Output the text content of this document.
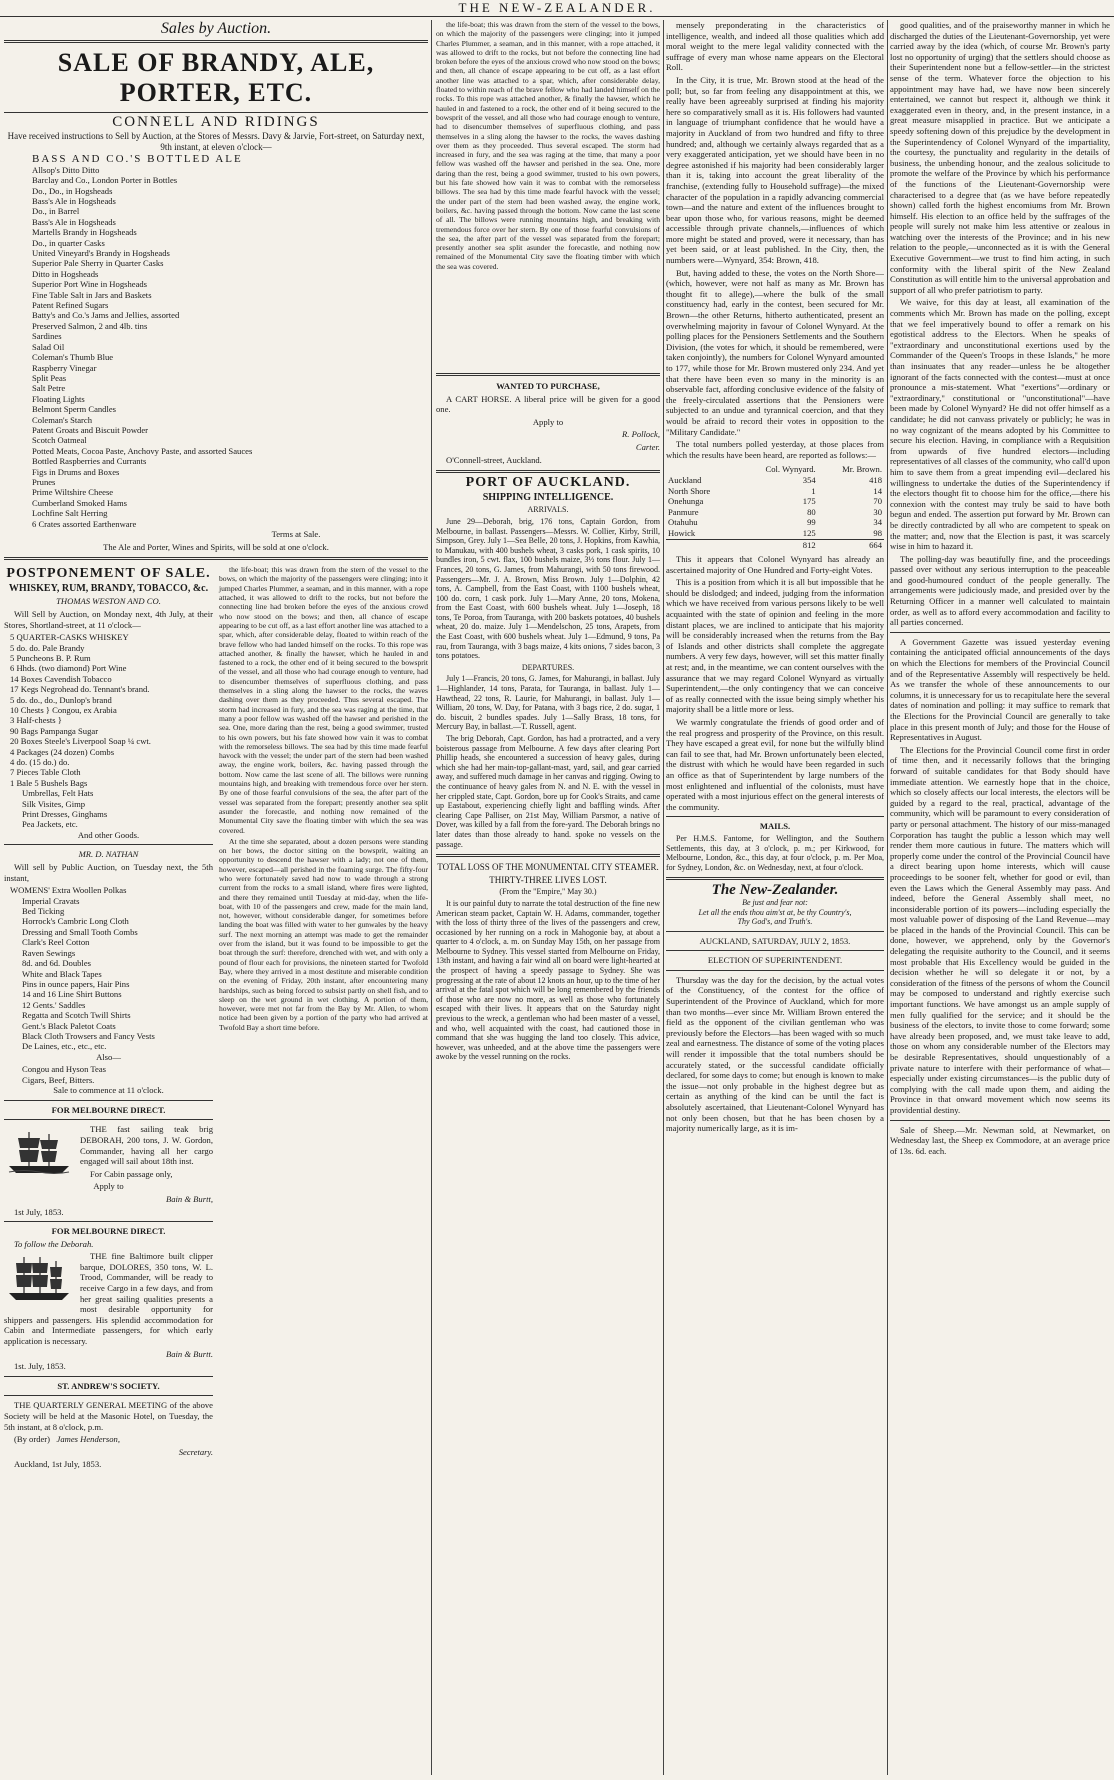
THE NEW-ZEALANDER.
Sales by Auction.
SALE OF BRANDY, ALE, PORTER, ETC.
CONNELL AND RIDINGS

Have received instructions to Sell by Auction, at the Stores of Messrs. Davy & Jarvie, Fort-street, on Saturday next, 9th instant, at eleven o'clock—

BASS AND CO.'S BOTTLED ALE

Allsop's Ditto Ditto

Barclay and Co., London Porter in Bottles

Do., Do., in Hogsheads

Bass's Ale in Hogsheads

Do., in Barrel

Bass's Ale in Hogsheads

Martells Brandy in Hogsheads

Do., in quarter Casks

United Vineyard's Brandy in Hogsheads

Superior Pale Sherry in Quarter Casks

Ditto in Hogsheads

Superior Port Wine in Hogsheads

Fine Table Salt in Jars and Baskets

Patent Refined Sugars

Batty's and Co.'s Jams and Jellies, assorted

Preserved Salmon, 2 and 4lb. tins

Sardines

Salad Oil

Coleman's Thumb Blue

Raspberry Vinegar

Split Peas

Salt Petre

Floating Lights

Belmont Sperm Candles

Coleman's Starch

Patent Groats and Biscuit Powder

Scotch Oatmeal

Potted Meats, Cocoa Paste, Anchovy Paste, and assorted Sauces

Bottled Raspberries and Currants

Figs in Drums and Boxes

Prunes

Prime Wiltshire Cheese

Cumberland Smoked Hams

Lochfine Salt Herring

6 Crates assorted Earthenware

Terms at Sale.

The Ale and Porter, Wines and Spirits, will be sold at one o'clock.

POSTPONEMENT OF SALE.
WHISKEY, RUM, BRANDY, TOBACCO, &c.

THOMAS WESTON AND CO.

Will Sell by Auction, on Monday next, 4th July, at their Stores, Shortland-street, at 11 o'clock—

5 QUARTER-CASKS WHISKEY

5 do. do. Pale Brandy

5 Puncheons B. P. Rum

6 Hhds. (two diamond) Port Wine

14 Boxes Cavendish Tobacco

17 Kegs Negrohead do. Tennant's brand.

5 do. do., do., Dunlop's brand

10 Chests } Congou, ex Arabia

3 Half-chests }

90 Bags Pampanga Sugar

20 Boxes Steele's Liverpool Soap ¼ cwt.

4 Packages (24 dozen) Combs

4 do. (15 do.) do.

7 Pieces Table Cloth

1 Bale 5 Bushels Bags

Umbrellas, Felt Hats

Silk Visites, Gimp

Print Dresses, Ginghams

Pea Jackets, etc.

And other Goods.

MR. D. NATHAN

Will sell by Public Auction, on Tuesday next, the 5th instant,

WOMENS' Extra Woollen Polkas

Imperial Cravats

Bed Ticking

Horrock's Cambric Long Cloth

Dressing and Small Tooth Combs

Clark's Reel Cotton

Raven Sewings

8d. and 6d. Doubles

White and Black Tapes

Pins in ounce papers, Hair Pins

14 and 16 Line Shirt Buttons

12 Gents.' Saddles

Regatta and Scotch Twill Shirts

Gent.'s Black Paletot Coats

Black Cloth Trowsers and Fancy Vests

De Laines, etc., etc., etc.

Also—

Congou and Hyson Teas

Cigars, Beef, Bitters.

Sale to commence at 11 o'clock.

FOR MELBOURNE DIRECT.

THE fast sailing teak brig DEBORAH, 200 tons, J. W. Gordon, Commander, having all her cargo engaged will sail about 18th inst.

For Cabin passage only,

Apply to

Bain & Burtt,

1st July, 1853.

FOR MELBOURNE DIRECT.

To follow the Deborah.

THE fine Baltimore built clipper barque, DOLORES, 350 tons, W. L. Trood, Commander, will be ready to receive Cargo in a few days, and from her great sailing qualities presents a most desirable opportunity for shippers and passengers. His splendid accommodation for Cabin and Intermediate passengers, for which early application is necessary.

Bain & Burtt.

1st. July, 1853.

ST. ANDREW'S SOCIETY.

THE QUARTERLY GENERAL MEETING of the above Society will be held at the Masonic Hotel, on Tuesday, the 5th instant, at 8 o'clock, p.m.

(By order) James Henderson,

Secretary.

Auckland, 1st July, 1853.

the life-boat; this was drawn from the stern of the vessel to the bows, on which the majority of the passengers were clinging; into it jumped Charles Plummer, a seaman, and in this manner, with a rope attached, it was allowed to drift to the rocks, but not before the connecting line had broken before the eyes of the anxious crowd who now stood on the bows; and then, all chance of escape appearing to be cut off, as a last effort another line was attached to a spar, which, after considerable delay, floated to within reach of the brave fellow who had landed himself on the rocks. To this rope was attached another, & finally the hawser, which he hauled in and fastened to a rock, the other end of it being secured to the bowsprit of the vessel, and all those who had courage enough to venture, had to disencumber themselves of superfluous clothing, and pass themselves in a sling along the hawser to the rocks, the waves dashing over them as they proceeded. Thus several escaped. The storm had increased in fury, and the sea was raging at the time, that many a poor fellow was washed off the hawser and perished in the sea. One, more daring than the rest, being a good swimmer, trusted to his own powers, but his fate showed how vain it was to combat with the remorseless billows. The sea had by this time made fearful havock with the vessel; the under part of the stern had been washed away, the engine work, boilers, &c. having passed through the bottom. Now came the last scene of all. The billows were running mountains high, and breaking with tremendous force over her stern. By one of those fearful convulsions of the sea, the after part of the vessel was separated from the forepart; presently another sea split asunder the forecastle, and nothing now remained of the Monumental City save the floating timber with which the sea was covered.

At the time she separated, about a dozen persons were standing on her bows, the doctor sitting on the bowsprit, waiting an opportunity to descend the hawser with a lady; not one of them, however, escaped—all perished in the foaming surge. The fifty-four who were fortunately saved had now to wade through a strong current from the rocks to a small island, where fires were lighted, and there they remained until Tuesday at mid-day, when the life-boat, with 10 of the passengers and crew, made for the main land, not, however, without considerable danger, for sometimes before landing the boat was filled with water to her gunwales by the heavy surf. The next morning an attempt was made to get the remainder over from the island, but it was found to be impossible to get the boat through the surf: therefore, drenched with wet, and with only a pound of flour each for provisions, the nineteen started for Twofold Bay, where they arrived in a most destitute and miserable condition on the evening of Friday, 20th instant, after encountering many hardships, such as being forced to subsist partly on shell fish, and to sleep on the wet ground in wet clothing. A portion of them, however, were met not far from the Bay by Mr. Allen, to whom notice had been given by a portion of the party who had arrived at Twofold Bay a short time before.

the life-boat; this was drawn from the stern of the vessel to the bows, on which the majority of the passengers were clinging; into it jumped Charles Plummer, a seaman, and in this manner, with a rope attached, it was allowed to drift to the rocks, but not before the connecting line had broken before the eyes of the anxious crowd who now stood on the bows; and then, all chance of escape appearing to be cut off, as a last effort another line was attached to a spar, which, after considerable delay, floated to within reach of the brave fellow who had landed himself on the rocks. To this rope was attached another, & finally the hawser, which he hauled in and fastened to a rock, the other end of it being secured to the bowsprit of the vessel, and all those who had courage enough to venture, had to disencumber themselves of superfluous clothing, and pass themselves in a sling along the hawser to the rocks, the waves dashing over them as they proceeded. Thus several escaped. The storm had increased in fury, and the sea was raging at the time, that many a poor fellow was washed off the hawser and perished in the sea. One, more daring than the rest, being a good swimmer, trusted to his own powers, but his fate showed how vain it was to combat with the remorseless billows. The sea had by this time made fearful havock with the vessel; the under part of the stern had been washed away, the engine work, boilers, &c. having passed through the bottom. Now came the last scene of all. The billows were running mountains high, and breaking with tremendous force over her stern. By one of those fearful convulsions of the sea, the after part of the vessel was separated from the forepart; presently another sea split asunder the forecastle, and nothing now remained of the Monumental City save the floating timber with which the sea was covered.

WANTED TO PURCHASE,

A CART HORSE. A liberal price will be given for a good one.

Apply to

R. Pollock,

Carter.

O'Connell-street, Auckland.

PORT OF AUCKLAND.
SHIPPING INTELLIGENCE.

ARRIVALS.

June 29—Deborah, brig, 176 tons, Captain Gordon, from Melbourne, in ballast. Passengers—Messrs. W. Collier, Kirby, Strill, Simpson, Grey. July 1—Sea Belle, 20 tons, J. Hopkins, from Kawhia, to Manukau, with 400 bushels wheat, 3 casks pork, 1 cask spirits, 10 bundles iron, 5 cwt. flax, 100 bushels maize, 3½ tons flour. July 1—Frances, 20 tons, G. James, from Mahurangi, with 50 tons firewood. Passengers—Mr. J. A. Brown, Miss Brown. July 1—Dolphin, 42 tons, A. Campbell, from the East Coast, with 1100 bushels wheat, 100 do. corn, 1 cask pork. July 1—Mary Anne, 20 tons, Mokena, from the East Coast, with 600 bushels wheat. July 1—Joseph, 18 tons, Te Poroa, from Tauranga, with 200 baskets potatoes, 40 bushels wheat, 20 do. maize. July 1—Mendelschon, 25 tons, Arapets, from the East Coast, with 600 bushels wheat. July 1—Edmund, 9 tons, Pa rau, from Tauranga, with 3 bags maize, 4 kits onions, 7 sides bacon, 3 tons potatoes.

DEPARTURES.

July 1—Francis, 20 tons, G. James, for Mahurangi, in ballast. July 1—Highlander, 14 tons, Parata, for Tauranga, in ballast. July 1—Hawthead, 22 tons, R. Laurie, for Mahurangi, in ballast. July 1—William, 20 tons, W. Day, for Patana, with 3 bags rice, 2 do. sugar, 1 do. biscuit, 2 bundles spades. July 1—Sally Brass, 18 tons, for Mercury Bay, in ballast.—T. Russell, agent.

The brig Deborah, Capt. Gordon, has had a protracted, and a very boisterous passage from Melbourne. A few days after clearing Port Phillip heads, she encountered a succession of heavy gales, during which she had her main-top-gallant-mast, yard, sail, and gear carried away, and suffered much damage in her canvas and rigging. Owing to the continuance of heavy gales from N. and N. E. with the vessel in her crippled state, Capt. Gordon, bore up for Cook's Straits, and came up Eastabout, experiencing chiefly light and baffling winds. After clearing Cape Palliser, on 21st May, William Parsmor, a native of Dover, was killed by a fall from the fore-yard. The Deborah brings no later dates than those already to hand. spoke no vessels on the passage.

TOTAL LOSS OF THE MONUMENTAL CITY STEAMER.

THIRTY-THREE LIVES LOST.

(From the "Empire," May 30.)

It is our painful duty to narrate the total destruction of the fine new American steam packet, Captain W. H. Adams, commander, together with the loss of thirty three of the lives of the passengers and crew, occasioned by her running on a rock in Mahogonie bay, at about a quarter to 4 o'clock, a. m. on Sunday May 15th, on her passage from Melbourne to Sydney. This vessel started from Melbourne on Friday, 13th instant, and having a fair wind all on board were light-hearted at the prospect of having a speedy passage to Sydney. She was progressing at the rate of about 12 knots an hour, up to the time of her arrival at the fatal spot which will be long remembered by the friends of those who are now no more, as well as those who fortunately escaped with their lives. It appears that on the Saturday night previous to the wreck, a gentleman who had been master of a vessel, and who, well acquainted with the coast, had cautioned those in command that she was hugging the land too closely. This advice, however, was unheeded, and at the above time the passengers were awoke by the vessel running on the rocks.

mensely preponderating in the characteristics of intelligence, wealth, and indeed all those qualities which add moral weight to the mere legal validity connected with the suffrage of every man whose name appears on the Electoral Roll.

In the City, it is true, Mr. Brown stood at the head of the poll; but, so far from feeling any disappointment at this, we really have been agreeably surprised at finding his majority here so comparatively small as it is. His followers had vaunted in language of triumphant confidence that he would have a majority in Auckland of from two hundred and fifty to three hundred; and, although we certainly always regarded that as a very exaggerated anticipation, yet we should have been in no degree astonished if his majority had been considerably larger than it is, taking into account the great liberality of the franchise, (extending fully to Household suffrage)—the mixed character of the population in a rapidly advancing commercial town—and the nature and extent of the influences brought to bear upon those who, for various reasons, might be deemed accessible through private channels,—influences of which more might be stated and proved, were it necessary, than has yet been said, or at least published. In the City, then, the numbers were—Wynyard, 354: Brown, 418.

But, having added to these, the votes on the North Shore—(which, however, were not half as many as Mr. Brown has thought fit to allege),—where the bulk of the small constituency had, early in the contest, been secured for Mr. Brown—the other Returns, hitherto authenticated, present an overwhelming majority in favour of Colonel Wynyard. At the polling places for the Pensioners Settlements and the Southern Division, (the votes for which, it should be remembered, were taken conjointly), the numbers for Colonel Wynyard amounted to 177, while those for Mr. Brown mustered only 234. And yet that there have been even so many in the minority is an observable fact, affording conclusive evidence of the falsity of the freely-circulated assertions that the Pensioners were subjected to an undue and tyrannical coercion, and that they would be afraid to record their votes in opposition to the "Military Candidate."

The total numbers polled yesterday, at those places from which the results have been heard, are reported as follows:—

	Col. Wynyard.	Mr. Brown.
Auckland	354	418
North Shore	1	14
Onehunga	175	70
Panmure	80	30
Otahuhu	99	34
Howick	125	98
	812	664

This it appears that Colonel Wynyard has already an ascertained majority of One Hundred and Forty-eight Votes.

This is a position from which it is all but impossible that he should be dislodged; and indeed, judging from the information which we have received from various persons likely to be well acquainted with the state of opinion and feeling in the more distant places, we are inclined to anticipate that his majority will be considerably increased when the returns from the Bay of Islands and other districts shall complete the aggregate numbers. A very few days, however, will set this matter finally at rest; and, in the meantime, we can content ourselves with the assurance that we may regard Colonel Wynyard as virtually Superintendent,—the only contingency that we can conceive of as really connected with the issue being simply whether his majority shall be a little more or less.

We warmly congratulate the friends of good order and of the real progress and prosperity of the Province, on this result. They have escaped a great evil, for none but the wilfully blind can fail to see that, had Mr. Brown unfortunately been elected, the distrust with which he would have been regarded in such an office as that of Superintendent by large numbers of the most enlightened and influential of the colonists, must have operated with a most injurious effect on the general interests of the community.

MAILS.

Per H.M.S. Fantome, for Wellington, and the Southern Settlements, this day, at 3 o'clock, p. m.; per Kirkwood, for Melbourne, London, &c., this day, at four o'clock, p. m. Per Moa, for Sydney, London, &c. on Wednesday, next, at four o'clock.

The New-Zealander.

Be just and fear not:
Let all the ends thou aim'st at, be thy Country's,
Thy God's, and Truth's.

AUCKLAND, SATURDAY, JULY 2, 1853.

ELECTION OF SUPERINTENDENT.

Thursday was the day for the decision, by the actual votes of the Constituency, of the contest for the office of Superintendent of the Province of Auckland, which for more than two months—ever since Mr. William Brown entered the field as the opponent of the civilian gentleman who was previously before the Electors—has been waged with so much zeal and earnestness. The distance of some of the voting places will render it impossible that the total numbers should be accurately stated, or the successful candidate officially declared, for some days to come; but enough is known to make the issue—not only probable in the highest degree but as certain as anything of the kind can be until the fact is absolutely ascertained, that Lieutenant-Colonel Wynyard has not only been chosen, but that he has been chosen by a majority numerically large, as it is im-

good qualities, and of the praiseworthy manner in which he discharged the duties of the Lieutenant-Governorship, yet were carried away by the idea (which, of course Mr. Brown's party lost no opportunity of urging) that the settlers should choose as their Superintendent none but a fellow-settler—in the strictest sense of the term. Whatever force the objection to his appointment may have had, we have now been sincerely entertained, we cannot but respect it, although we think it exaggerated even in theory, and, in the present instance, in a great measure misapplied in practice. But we anticipate a speedy softening down of this prejudice by the development in the Superintendency of Colonel Wynyard of the impartiality, the courtesy, the punctuality and regularity in the details of business, the unbending honour, and the zealous solicitude to promote the welfare of the Province by which his performance of the functions of the Lieutenant-Governorship were characterised to a degree that (as we have before repeatedly shown) called forth the highest encomiums from Mr. Brown himself. His election to an office held by the suffrages of the people will surely not make him less attentive or zealous in watching over the interests of the Province; and in his new relation to the people,—unconnected as it is with the General Executive Government—we trust to find him acting, in such conformity with the liberal spirit of the New Zealand Constitution as will entitle him to the universal approbation and support of all who prefer patriotism to party.

We waive, for this day at least, all examination of the comments which Mr. Brown has made on the polling, except that we feel imperatively bound to offer a remark on his egotistical address to the Electors. When he speaks of "extraordinary and unconstitutional exertions used by the Commander of the Queen's Troops in these Islands," he more than insinuates that any reader—unless he be altogether ignorant of the facts connected with the contest—must at once pronounce a mis-statement. What "exertions"—ordinary or "extraordinary," constitutional or "unconstitutional"—have been made by Colonel Wynyard? He did not offer himself as a candidate; he did not canvass privately or publicly; he was in no way cognizant of the means adopted by his Committee to secure his election. Having, in compliance with a Requisition from upwards of five hundred electors—including representatives of all classes of the community, who call'd upon him to save them from a great impending evil—declared his willingness to undertake the duties of the Superintendency if the electors thought fit to choose him for the office,—there his connexion with the contest may truly be said to have both begun and ended. The assertion put forward by Mr. Brown can be directly contradicted by all who are competent to speak on the matter; and, now that the Election is past, it was scarcely wise in him to hazard it.

The polling-day was beautifully fine, and the proceedings passed over without any serious interruption to the peaceable and good-humoured conduct of the people generally. The arrangements were judiciously made, and presided over by the Returning Officer in a manner well calculated to maintain order, as well as to afford every accommodation and facility to all parties concerned.

A Government Gazette was issued yesterday evening containing the anticipated official announcements of the days on which the Elections for members of the Provincial Council and of the Representative Assembly will respectively be held. As we transfer the whole of these announcements to our columns, it is unnecessary for us to recapitulate here the several dates of nomination and polling: it may suffice to remark that the Elections for the Provincial Council are generally to take place in this present month of July; and those for the House of Representatives in August.

The Elections for the Provincial Council come first in order of time then, and it necessarily follows that the bringing forward of suitable candidates for that Body should have immediate attention. We earnestly hope that in the choice, which so closely affects our local interests, the electors will be guided by a regard to the real, practical, advantage of the community, which will be paramount to every consideration of party or personal attachment. The history of our miss-managed Corporation has taught the public a lesson which may well render them more cautious in future. The matters which will properly come under the control of the Provincial Council have a direct bearing upon home interests, which will cause proceedings to be sooner felt, whether for good or evil, than even the Laws which the General Assembly may pass. And indeed, before the General Assembly shall meet, no inconsiderable portion of its powers—including especially the most valuable power of disposing of the Land Revenue—may be placed in the hands of the Provincial Council. This can be done, however, we apprehend, only by the Governor's delegating the requisite authority to the Council, and it seems most probable that His Excellency would be guided in the decision whether he will so delegate it or not, by a consideration of the fitness of the persons of whom the Council may be composed to understand and rightly exercise such important functions. We have amongst us an ample supply of men fully qualified for the service; and it should be the business of the electors, to invite those to come forward; some have already been proposed, and, we must take leave to add, those on whom any considerable number of the Electors may be desirable Representatives, should unquestionably of a private nature to interfere with their performance of what—especially under existing circumstances—is the public duty of complying with the call made upon them, and aiding the Province in that onward movement which now seems its providential destiny.

Sale of Sheep.—Mr. Newman sold, at Newmarket, on Wednesday last, the Sheep ex Commodore, at an average price of 13s. 6d. each.
